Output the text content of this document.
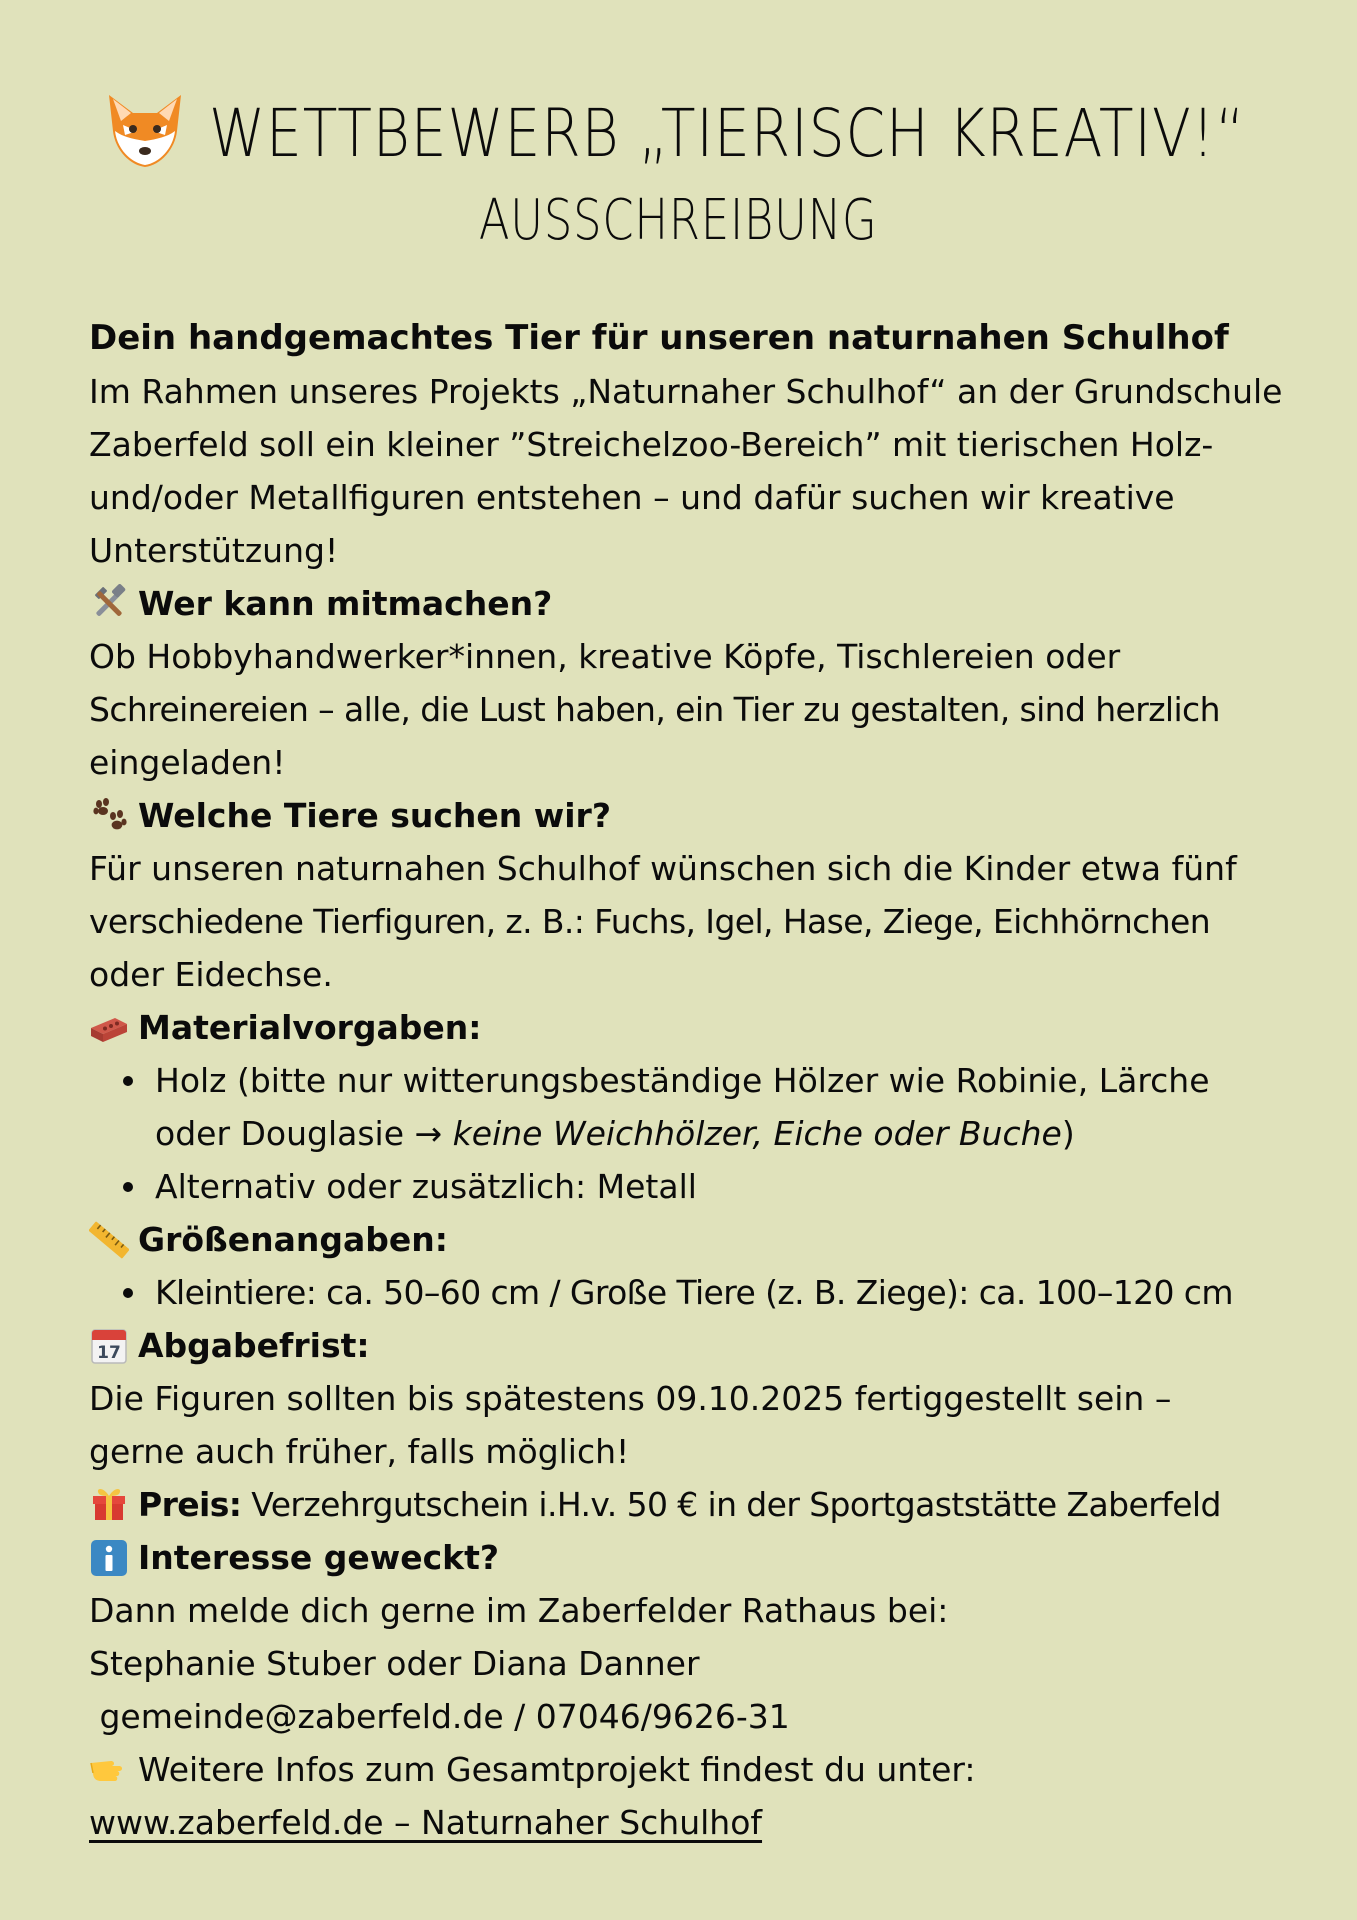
WETTBEWERB „TIERISCH KREATIV!“
AUSSCHREIBUNG

Dein handgemachtes Tier für unseren naturnahen Schulhof

Im Rahmen unseres Projekts „Naturnaher Schulhof“ an der Grundschule

Zaberfeld soll ein kleiner ”Streichelzoo-Bereich” mit tierischen Holz-

und/oder Metallfiguren entstehen – und dafür suchen wir kreative

Unterstützung!

Wer kann mitmachen?

Ob Hobbyhandwerker*innen, kreative Köpfe, Tischlereien oder

Schreinereien – alle, die Lust haben, ein Tier zu gestalten, sind herzlich

eingeladen!

Welche Tiere suchen wir?

Für unseren naturnahen Schulhof wünschen sich die Kinder etwa fünf

verschiedene Tierfiguren, z. B.: Fuchs, Igel, Hase, Ziege, Eichhörnchen

oder Eidechse.

Materialvorgaben:
Holz (bitte nur witterungsbeständige Hölzer wie Robinie, Lärche
oder Douglasie → keine Weichhölzer, Eiche oder Buche)
Alternativ oder zusätzlich: Metall
Größenangaben:
Kleintiere: ca. 50–60 cm / Große Tiere (z. B. Ziege): ca. 100–120 cm
17 Abgabefrist:

Die Figuren sollten bis spätestens 09.10.2025 fertiggestellt sein –

gerne auch früher, falls möglich!

Preis: Verzehrgutschein i.H.v. 50 € in der Sportgaststätte Zaberfeld

Interesse geweckt?

Dann melde dich gerne im Zaberfelder Rathaus bei:

Stephanie Stuber oder Diana Danner

gemeinde@zaberfeld.de / 07046/9626-31

Weitere Infos zum Gesamtprojekt findest du unter:

www.zaberfeld.de – Naturnaher Schulhof
